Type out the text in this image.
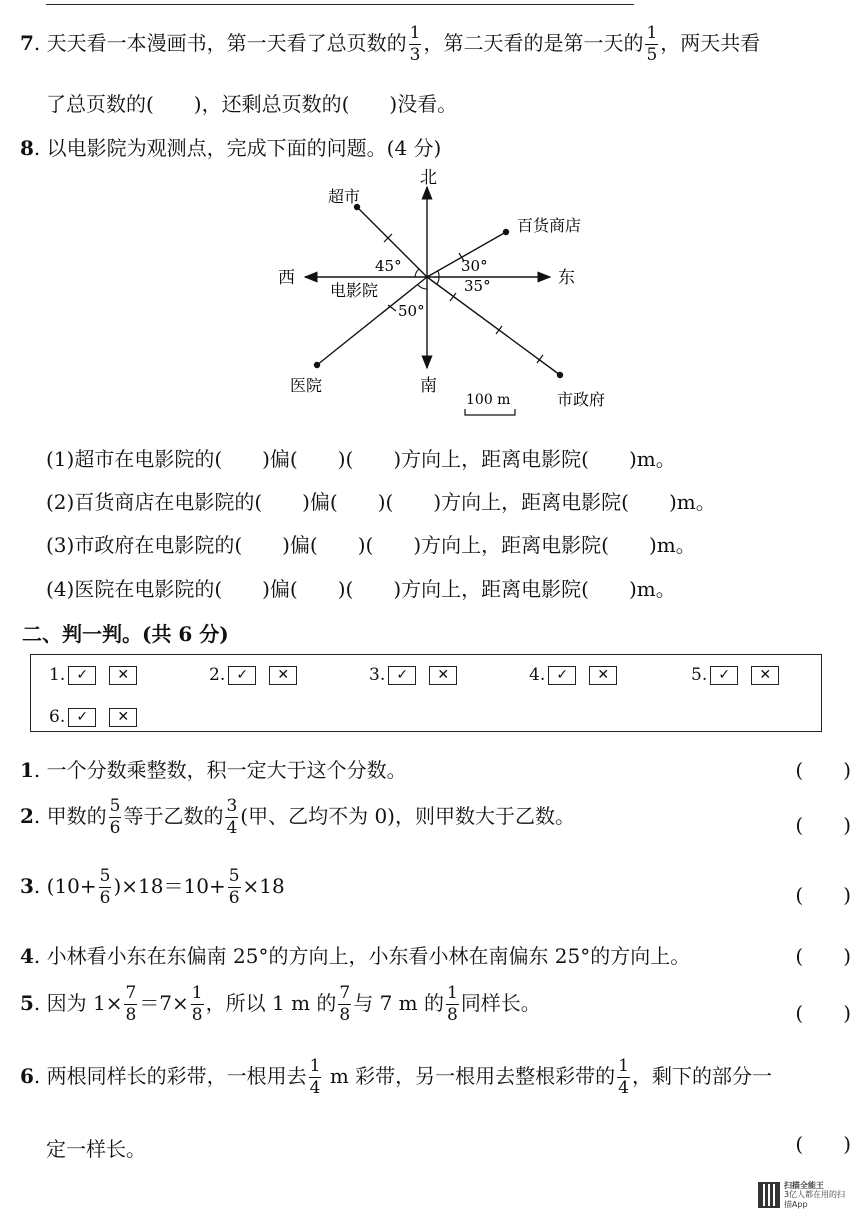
7. 天天看一本漫画书，第一天看了总页数的 $\frac{1}{3}$ ，第二天看的是第一天的 $\frac{1}{5}$ ，两天共看
了总页数的(　　)，还剩总页数的(　　)没看。
8. 以电影院为观测点，完成下面的问题。(4 分)
北
南
东
西
电影院
超市
百货商店
医院
市政府
45°	30°
35°
50°
100 m
(1)超市在电影院的(　　)偏(　　)(　　)方向上，距离电影院(　　)m。
(2)百货商店在电影院的(　　)偏(　　)(　　)方向上，距离电影院(　　)m。
(3)市政府在电影院的(　　)偏(　　)(　　)方向上，距离电影院(　　)m。
(4)医院在电影院的(　　)偏(　　)(　　)方向上，距离电影院(　　)m。
二、判一判。(共 6 分)
1. ✓ ✕	2. ✓ ✕	3. ✓ ✕	4. ✓ ✕	5. ✓ ✕
6. ✓ ✕
1. 一个分数乘整数，积一定大于这个分数。	(　　)
2. 甲数的 $\frac{5}{6}$ 等于乙数的 $\frac{3}{4}$ (甲、乙均不为 0)，则甲数大于乙数。	(　　)
3. $(10+ \frac{5}{6} )\times 18=10+ \frac{5}{6} \times 18$	(　　)
4. 小林看小东在东偏南 25°的方向上，小东看小林在南偏东 25°的方向上。	(　　)
5. 因为 $1\times \frac{7}{8} =7\times \frac{1}{8}$ ，所以 1 m 的 $\frac{7}{8}$ 与 7 m 的 $\frac{1}{8}$ 同样长。	(　　)
6. 两根同样长的彩带，一根用去 $\frac{1}{4}$ m 彩带，另一根用去整根彩带的 $\frac{1}{4}$ ，剩下的部分一
定一样长。	(　　)
扫描全能王
3亿人都在用的扫描App
